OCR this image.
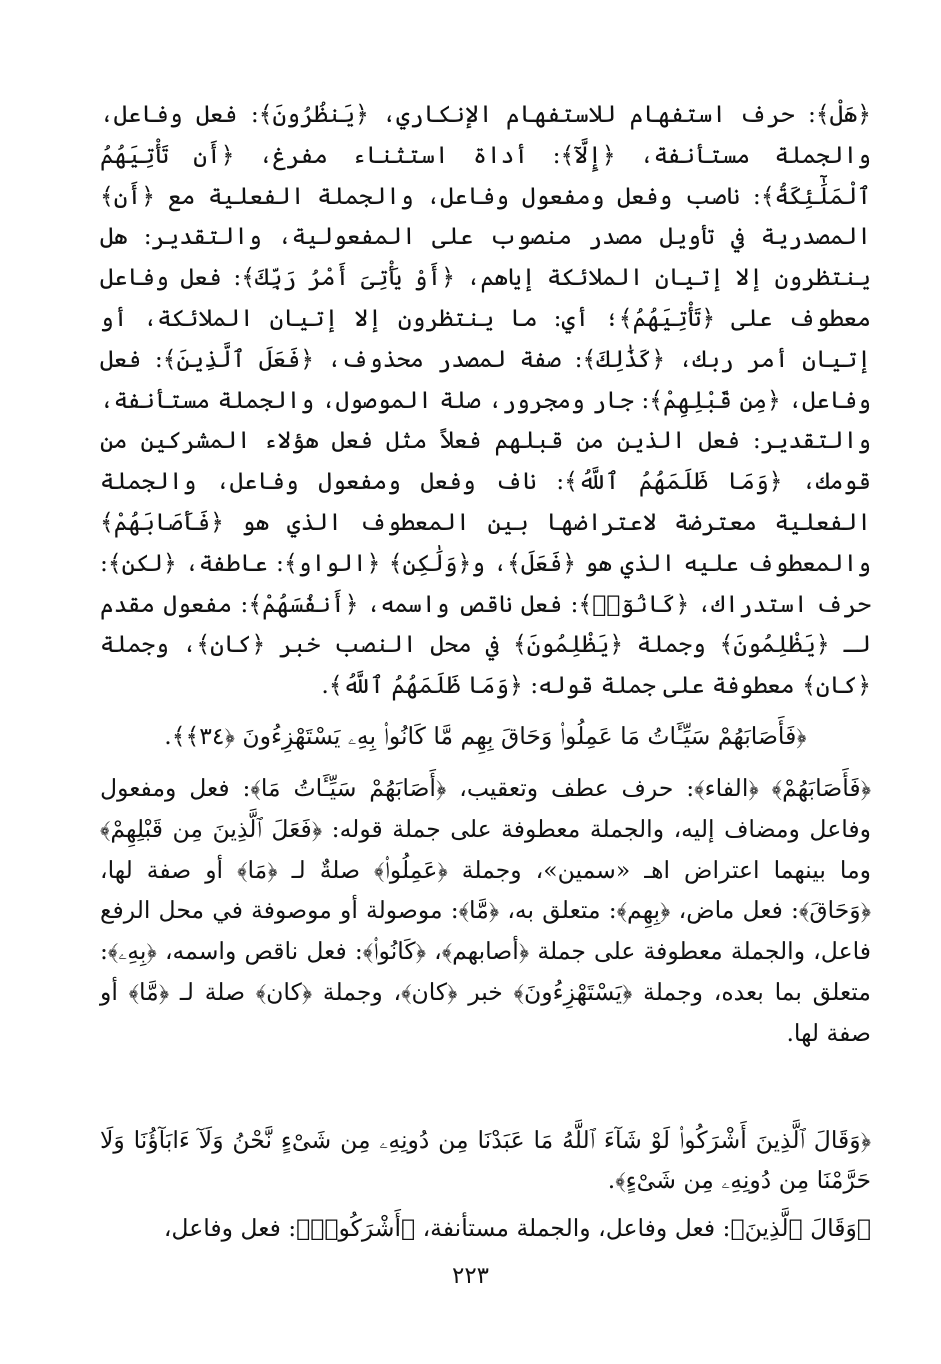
﴿هَلْ﴾: حرف استفهام للاستفهام الإنكاري، ﴿يَنظُرُونَ﴾: فعل وفاعل، والجملة مستأنفة، ﴿إِلَّآ﴾: أداة استثناء مفرغ، ﴿أَن تَأْتِيَهُمُ ٱلْمَلَٰٓئِكَةُ﴾: ناصب وفعل ومفعول وفاعل، والجملة الفعلية مع ﴿أَن﴾ المصدرية في تأويل مصدر منصوب على المفعولية، والتقدير: هل ينتظرون إلا إتيان الملائكة إياهم، ﴿أَوْ يَأْتِىَ أَمْرُ رَبِّكَ﴾: فعل وفاعل معطوف على ﴿تَأْتِيَهُمُ﴾؛ أي: ما ينتظرون إلا إتيان الملائكة، أو إتيان أمر ربك، ﴿كَذَٰلِكَ﴾: صفة لمصدر محذوف، ﴿فَعَلَ ٱلَّذِينَ﴾: فعل وفاعل، ﴿مِن قَبْلِهِمْ﴾: جار ومجرور، صلة الموصول، والجملة مستأنفة، والتقدير: فعل الذين من قبلهم فعلاً مثل فعل هؤلاء المشركين من قومك، ﴿وَمَا ظَلَمَهُمُ ٱللَّهُ﴾: ناف وفعل ومفعول وفاعل، والجملة الفعلية معترضة لاعتراضها بين المعطوف الذي هو ﴿فَأَصَابَهُمْ﴾ والمعطوف عليه الذي هو ﴿فَعَلَ﴾، و﴿وَلَٰكِن﴾ ﴿الواو﴾: عاطفة، ﴿لكن﴾: حرف استدراك، ﴿كَانُوٓا۟﴾: فعل ناقص واسمه، ﴿أَنفُسَهُمْ﴾: مفعول مقدم لـ ﴿يَظْلِمُونَ﴾ وجملة ﴿يَظْلِمُونَ﴾ في محل النصب خبر ﴿كان﴾، وجملة ﴿كان﴾ معطوفة على جملة قوله: ﴿وَمَا ظَلَمَهُمُ ٱللَّهُ﴾.

﴿فَأَصَابَهُمْ سَيِّـَٔاتُ مَا عَمِلُوا۟ وَحَاقَ بِهِم مَّا كَانُوا۟ بِهِۦ يَسْتَهْزِءُونَ ﴿٣٤﴾﴾.

﴿فَأَصَابَهُمْ﴾ ﴿الفاء﴾: حرف عطف وتعقيب، ﴿أَصَابَهُمْ سَيِّـَٔاتُ مَا﴾: فعل ومفعول وفاعل ومضاف إليه، والجملة معطوفة على جملة قوله: ﴿فَعَلَ ٱلَّذِينَ مِن قَبْلِهِمْ﴾ وما بينهما اعتراض اهـ «سمين»، وجملة ﴿عَمِلُوا۟﴾ صلةٌ لـ ﴿مَا﴾ أو صفة لها، ﴿وَحَاقَ﴾: فعل ماض، ﴿بِهِم﴾: متعلق به، ﴿مَّا﴾: موصولة أو موصوفة في محل الرفع فاعل، والجملة معطوفة على جملة ﴿أصابهم﴾، ﴿كَانُوا۟﴾: فعل ناقص واسمه، ﴿بِهِۦ﴾: متعلق بما بعده، وجملة ﴿يَسْتَهْزِءُونَ﴾ خبر ﴿كان﴾، وجملة ﴿كان﴾ صلة لـ ﴿مَّا﴾ أو صفة لها.

﴿وَقَالَ ٱلَّذِينَ أَشْرَكُوا۟ لَوْ شَآءَ ٱللَّهُ مَا عَبَدْنَا مِن دُونِهِۦ مِن شَىْءٍ نَّحْنُ وَلَآ ءَابَآؤُنَا وَلَا حَرَّمْنَا مِن دُونِهِۦ مِن شَىْءٍ﴾.

﴿وَقَالَ ٱلَّذِينَ﴾: فعل وفاعل، والجملة مستأنفة، ﴿أَشْرَكُوا۟﴾: فعل وفاعل،

٢٢٣
